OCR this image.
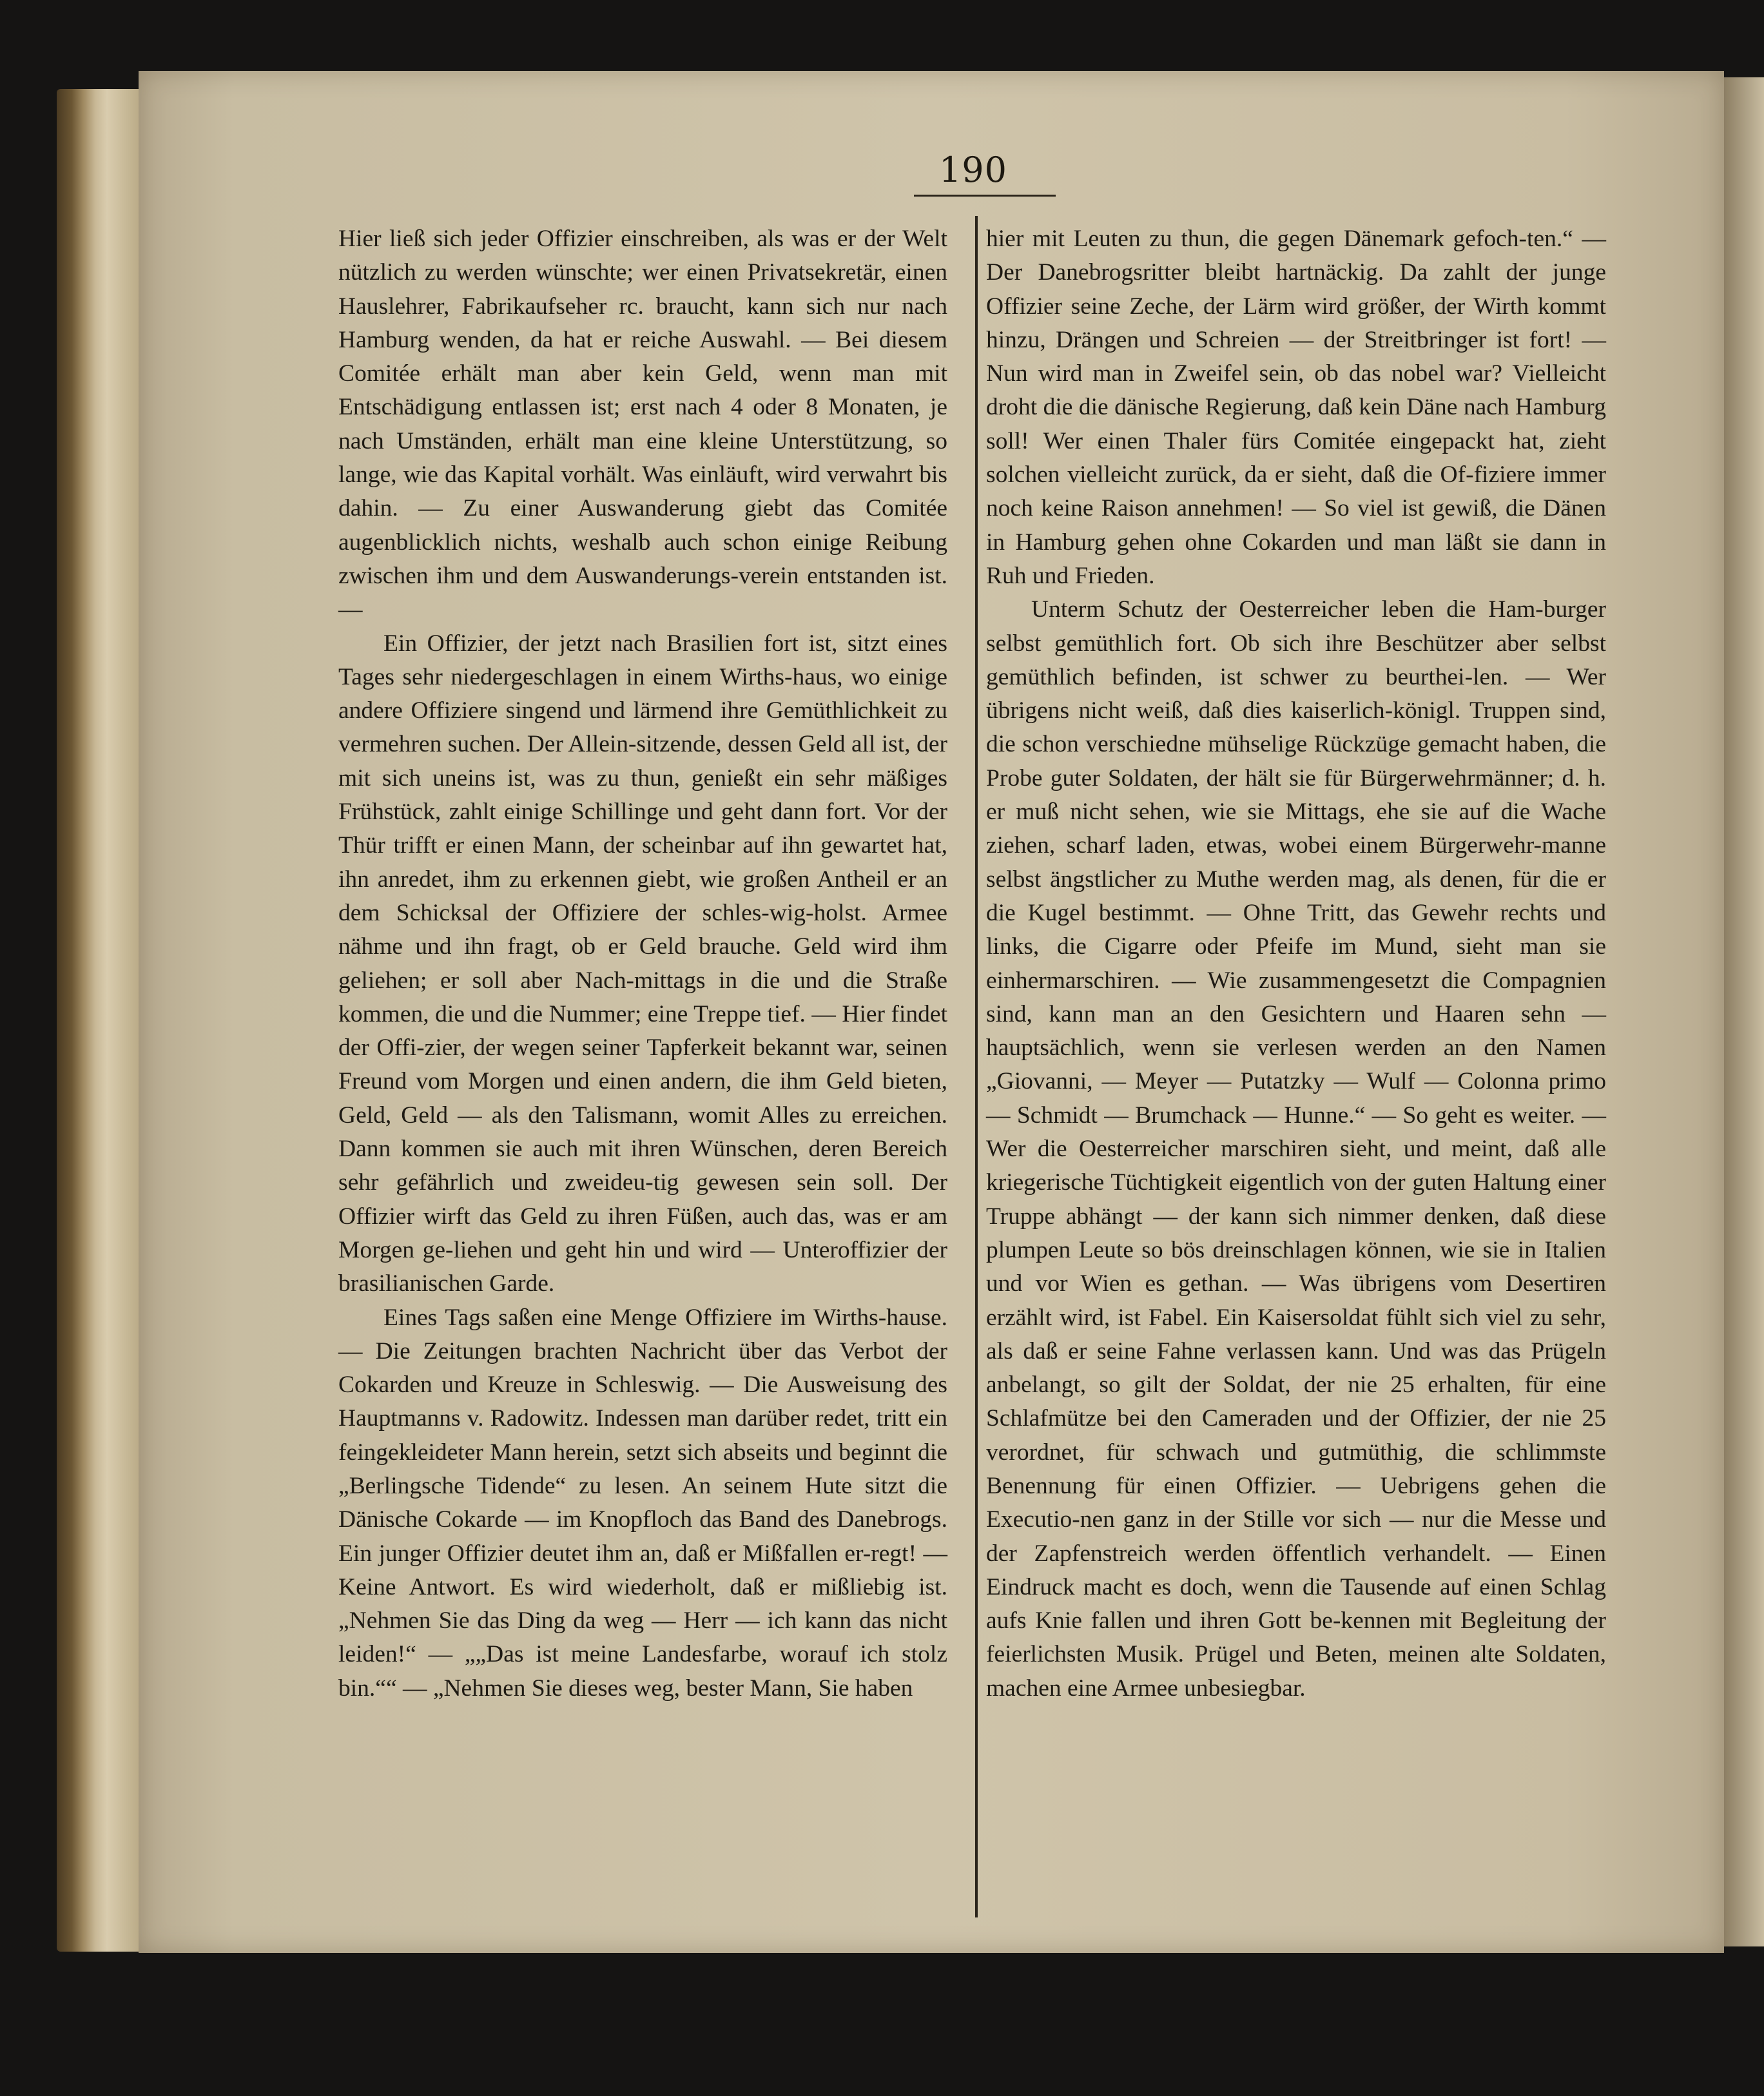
190

Hier ließ sich jeder Offizier einschreiben, als was er der Welt nützlich zu werden wünschte; wer einen Privatsekretär, einen Hauslehrer, Fabrikaufseher rc. braucht, kann sich nur nach Hamburg wenden, da hat er reiche Auswahl. — Bei diesem Comitée erhält man aber kein Geld, wenn man mit Entschädigung entlassen ist; erst nach 4 oder 8 Monaten, je nach Umständen, erhält man eine kleine Unterstützung, so lange, wie das Kapital vorhält. Was einläuft, wird verwahrt bis dahin. — Zu einer Auswanderung giebt das Comitée augenblicklich nichts, weshalb auch schon einige Reibung zwischen ihm und dem Auswanderungs-verein entstanden ist. —

Ein Offizier, der jetzt nach Brasilien fort ist, sitzt eines Tages sehr niedergeschlagen in einem Wirths-haus, wo einige andere Offiziere singend und lärmend ihre Gemüthlichkeit zu vermehren suchen. Der Allein-sitzende, dessen Geld all ist, der mit sich uneins ist, was zu thun, genießt ein sehr mäßiges Frühstück, zahlt einige Schillinge und geht dann fort. Vor der Thür trifft er einen Mann, der scheinbar auf ihn gewartet hat, ihn anredet, ihm zu erkennen giebt, wie großen Antheil er an dem Schicksal der Offiziere der schles-wig-holst. Armee nähme und ihn fragt, ob er Geld brauche. Geld wird ihm geliehen; er soll aber Nach-mittags in die und die Straße kommen, die und die Nummer; eine Treppe tief. — Hier findet der Offi-zier, der wegen seiner Tapferkeit bekannt war, seinen Freund vom Morgen und einen andern, die ihm Geld bieten, Geld, Geld — als den Talismann, womit Alles zu erreichen. Dann kommen sie auch mit ihren Wünschen, deren Bereich sehr gefährlich und zweideu-tig gewesen sein soll. Der Offizier wirft das Geld zu ihren Füßen, auch das, was er am Morgen ge-liehen und geht hin und wird — Unteroffizier der brasilianischen Garde.

Eines Tags saßen eine Menge Offiziere im Wirths-hause. — Die Zeitungen brachten Nachricht über das Verbot der Cokarden und Kreuze in Schleswig. — Die Ausweisung des Hauptmanns v. Radowitz. Indessen man darüber redet, tritt ein feingekleideter Mann herein, setzt sich abseits und beginnt die „Berlingsche Tidende“ zu lesen. An seinem Hute sitzt die Dänische Cokarde — im Knopfloch das Band des Danebrogs. Ein junger Offizier deutet ihm an, daß er Mißfallen er-regt! — Keine Antwort. Es wird wiederholt, daß er mißliebig ist. „Nehmen Sie das Ding da weg — Herr — ich kann das nicht leiden!“ — „„Das ist meine Landesfarbe, worauf ich stolz bin.““ — „Nehmen Sie dieses weg, bester Mann, Sie haben

hier mit Leuten zu thun, die gegen Dänemark gefoch-ten.“ — Der Danebrogsritter bleibt hartnäckig. Da zahlt der junge Offizier seine Zeche, der Lärm wird größer, der Wirth kommt hinzu, Drängen und Schreien — der Streitbringer ist fort! — Nun wird man in Zweifel sein, ob das nobel war? Vielleicht droht die die dänische Regierung, daß kein Däne nach Hamburg soll! Wer einen Thaler fürs Comitée eingepackt hat, zieht solchen vielleicht zurück, da er sieht, daß die Of-fiziere immer noch keine Raison annehmen! — So viel ist gewiß, die Dänen in Hamburg gehen ohne Cokarden und man läßt sie dann in Ruh und Frieden.

Unterm Schutz der Oesterreicher leben die Ham-burger selbst gemüthlich fort. Ob sich ihre Beschützer aber selbst gemüthlich befinden, ist schwer zu beurthei-len. — Wer übrigens nicht weiß, daß dies kaiserlich-königl. Truppen sind, die schon verschiedne mühselige Rückzüge gemacht haben, die Probe guter Soldaten, der hält sie für Bürgerwehrmänner; d. h. er muß nicht sehen, wie sie Mittags, ehe sie auf die Wache ziehen, scharf laden, etwas, wobei einem Bürgerwehr-manne selbst ängstlicher zu Muthe werden mag, als denen, für die er die Kugel bestimmt. — Ohne Tritt, das Gewehr rechts und links, die Cigarre oder Pfeife im Mund, sieht man sie einhermarschiren. — Wie zusammengesetzt die Compagnien sind, kann man an den Gesichtern und Haaren sehn — hauptsächlich, wenn sie verlesen werden an den Namen „Giovanni, — Meyer — Putatzky — Wulf — Colonna primo — Schmidt — Brumchack — Hunne.“ — So geht es weiter. — Wer die Oesterreicher marschiren sieht, und meint, daß alle kriegerische Tüchtigkeit eigentlich von der guten Haltung einer Truppe abhängt — der kann sich nimmer denken, daß diese plumpen Leute so bös dreinschlagen können, wie sie in Italien und vor Wien es gethan. — Was übrigens vom Desertiren erzählt wird, ist Fabel. Ein Kaisersoldat fühlt sich viel zu sehr, als daß er seine Fahne verlassen kann. Und was das Prügeln anbelangt, so gilt der Soldat, der nie 25 erhalten, für eine Schlafmütze bei den Cameraden und der Offizier, der nie 25 verordnet, für schwach und gutmüthig, die schlimmste Benennung für einen Offizier. — Uebrigens gehen die Executio-nen ganz in der Stille vor sich — nur die Messe und der Zapfenstreich werden öffentlich verhandelt. — Einen Eindruck macht es doch, wenn die Tausende auf einen Schlag aufs Knie fallen und ihren Gott be-kennen mit Begleitung der feierlichsten Musik. Prügel und Beten, meinen alte Soldaten, machen eine Armee unbesiegbar.
